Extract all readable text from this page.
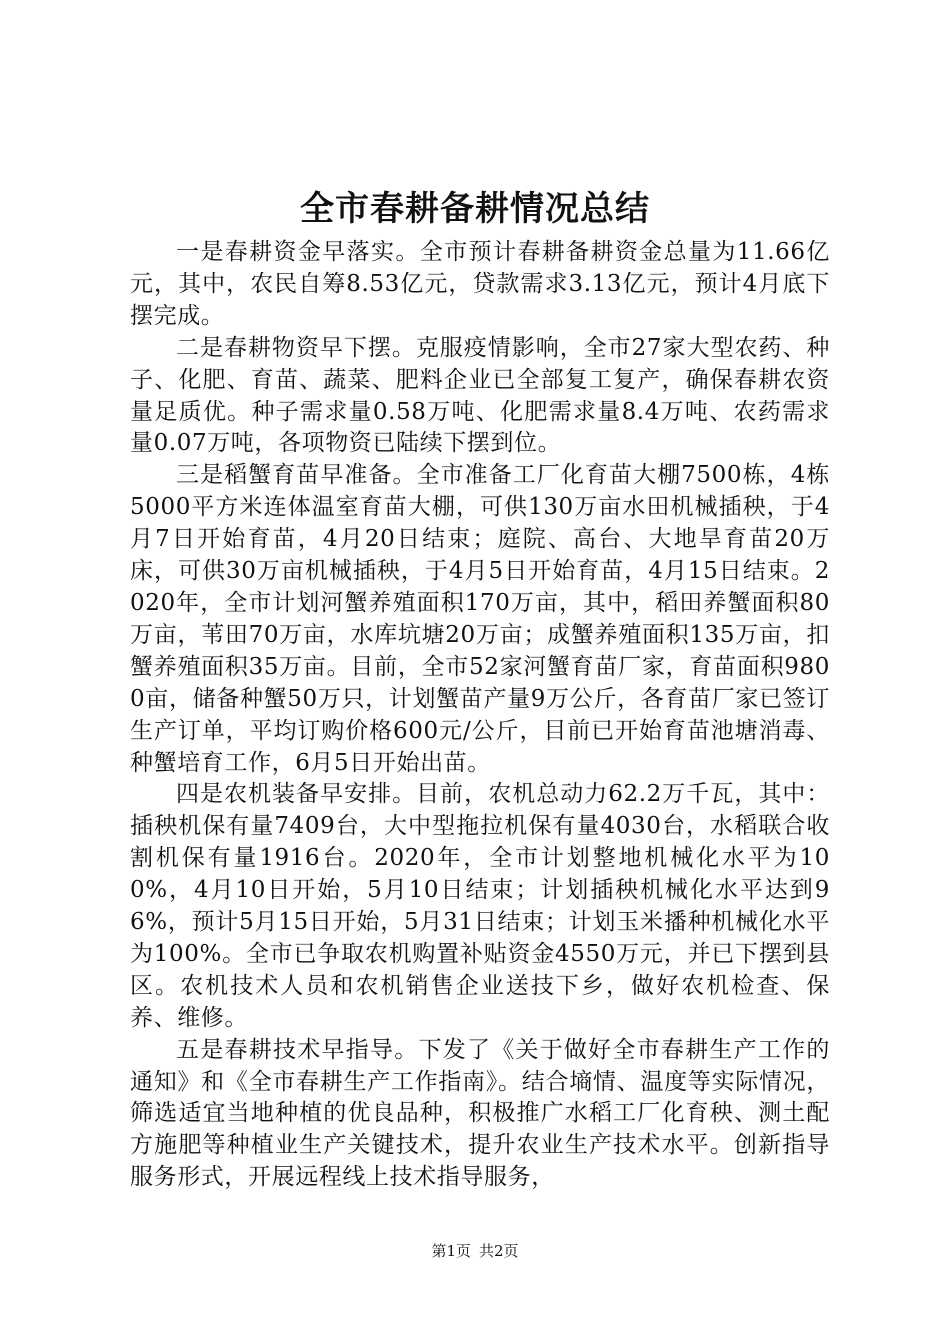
全市春耕备耕情况总结

一是春耕资金早落实。全市预计春耕备耕资金总量为11.66亿元，其中，农民自筹8.53亿元，贷款需求3.13亿元，预计4月底下摆完成。

二是春耕物资早下摆。克服疫情影响，全市27家大型农药、种子、化肥、育苗、蔬菜、肥料企业已全部复工复产，确保春耕农资量足质优。种子需求量0.58万吨、化肥需求量8.4万吨、农药需求量0.07万吨，各项物资已陆续下摆到位。

三是稻蟹育苗早准备。全市准备工厂化育苗大棚7500栋，4栋5000平方米连体温室育苗大棚，可供130万亩水田机械插秧，于4月7日开始育苗，4月20日结束；庭院、高台、大地旱育苗20万床，可供30万亩机械插秧，于4月5日开始育苗，4月15日结束。2020年，全市计划河蟹养殖面积170万亩，其中，稻田养蟹面积80万亩，苇田70万亩，水库坑塘20万亩；成蟹养殖面积135万亩，扣蟹养殖面积35万亩。目前，全市52家河蟹育苗厂家，育苗面积9800亩，储备种蟹50万只，计划蟹苗产量9万公斤，各育苗厂家已签订生产订单，平均订购价格600元/公斤，目前已开始育苗池塘消毒、种蟹培育工作，6月5日开始出苗。

四是农机装备早安排。目前，农机总动力62.2万千瓦，其中：插秧机保有量7409台，大中型拖拉机保有量4030台，水稻联合收割机保有量1916台。2020年，全市计划整地机械化水平为100%，4月10日开始，5月10日结束；计划插秧机械化水平达到96%，预计5月15日开始，5月31日结束；计划玉米播种机械化水平为100%。全市已争取农机购置补贴资金4550万元，并已下摆到县区。农机技术人员和农机销售企业送技下乡，做好农机检查、保养、维修。

五是春耕技术早指导。下发了《关于做好全市春耕生产工作的通知》和《全市春耕生产工作指南》。结合墒情、温度等实际情况，筛选适宜当地种植的优良品种，积极推广水稻工厂化育秧、测土配方施肥等种植业生产关键技术，提升农业生产技术水平。创新指导服务形式，开展远程线上技术指导服务，

第1页 共2页
